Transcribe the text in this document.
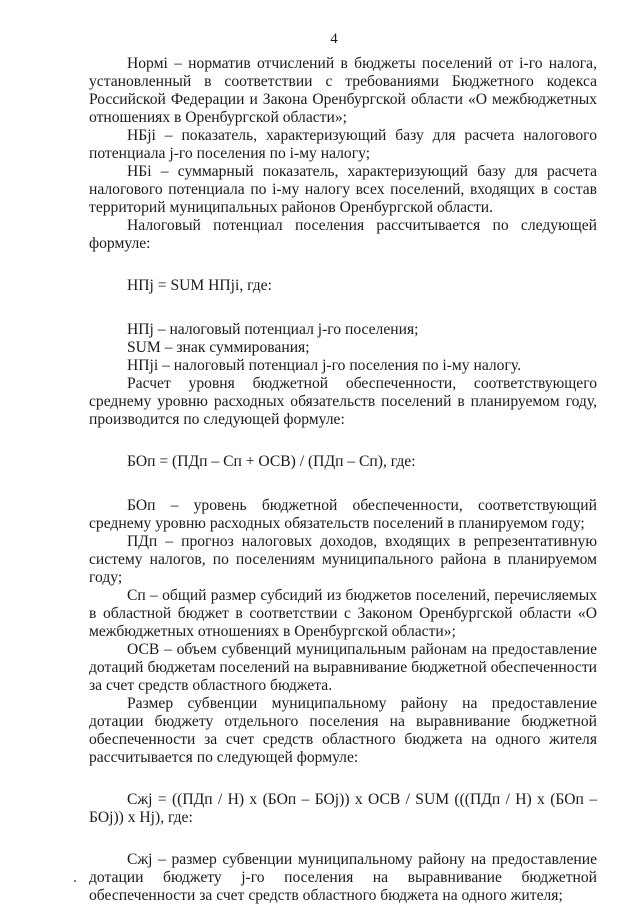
4

Нормi – норматив отчислений в бюджеты поселений от i-го налога, установленный в соответствии с требованиями Бюджетного кодекса Российской Федерации и Закона Оренбургской области «О межбюджетных отношениях в Оренбургской области»;

НБji – показатель, характеризующий базу для расчета налогового потенциала j-го поселения по i-му налогу;

НБi – суммарный показатель, характеризующий базу для расчета налогового потенциала по i-му налогу всех поселений, входящих в состав территорий муниципальных районов Оренбургской области.

Налоговый потенциал поселения рассчитывается по следующей формуле:

НПj = SUM НПji, где:

НПj – налоговый потенциал j-го поселения;

SUM – знак суммирования;

НПji – налоговый потенциал j-го поселения по i-му налогу.

Расчет уровня бюджетной обеспеченности, соответствующего среднему уровню расходных обязательств поселений в планируемом году, производится по следующей формуле:

БОп = (ПДп – Сп + ОСВ) / (ПДп – Сп), где:

БОп – уровень бюджетной обеспеченности, соответствующий среднему уровню расходных обязательств поселений в планируемом году;

ПДп – прогноз налоговых доходов, входящих в репрезентативную систему налогов, по поселениям муниципального района в планируемом году;

Сп – общий размер субсидий из бюджетов поселений, перечисляемых в областной бюджет в соответствии с Законом Оренбургской области «О межбюджетных отношениях в Оренбургской области»;

ОСВ – объем субвенций муниципальным районам на предоставление дотаций бюджетам поселений на выравнивание бюджетной обеспеченности за счет средств областного бюджета.

Размер субвенции муниципальному району на предоставление дотации бюджету отдельного поселения на выравнивание бюджетной обеспеченности за счет средств областного бюджета на одного жителя рассчитывается по следующей формуле:

Cжj = ((ПДп / Н) х (БОп – БОj)) х ОСВ / SUM (((ПДп / Н) х (БОп – БОj)) х Нj), где:

Cжj – размер субвенции муниципальному району на предоставление дотации бюджету j-го поселения на выравнивание бюджетной обеспеченности за счет средств областного бюджета на одного жителя;
